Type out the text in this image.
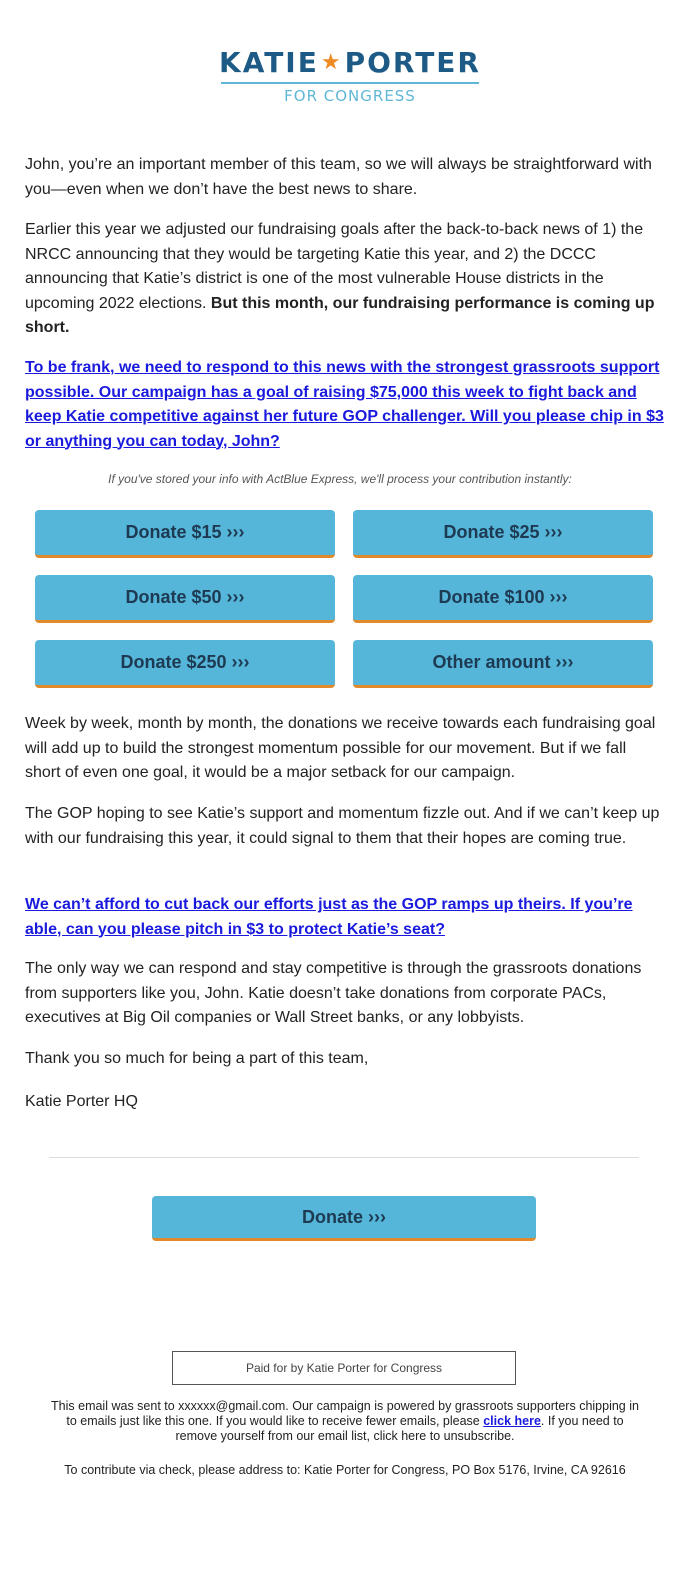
KATIE★PORTER
FOR CONGRESS

John, you’re an important member of this team, so we will always be straightforward with you—even when we don’t have the best news to share.

Earlier this year we adjusted our fundraising goals after the back-to-back news of 1) the NRCC announcing that they would be targeting Katie this year, and 2) the DCCC announcing that Katie’s district is one of the most vulnerable House districts in the upcoming 2022 elections. But this month, our fundraising performance is coming up short.

To be frank, we need to respond to this news with the strongest grassroots support possible. Our campaign has a goal of raising $75,000 this week to fight back and keep Katie competitive against her future GOP challenger. Will you please chip in $3 or anything you can today, John?

If you've stored your info with ActBlue Express, we'll process your contribution instantly:
Donate $15 ›››	Donate $25 ›››
Donate $50 ›››	Donate $100 ›››
Donate $250 ›››	Other amount ›››

Week by week, month by month, the donations we receive towards each fundraising goal will add up to build the strongest momentum possible for our movement. But if we fall short of even one goal, it would be a major setback for our campaign.

The GOP hoping to see Katie’s support and momentum fizzle out. And if we can’t keep up with our fundraising this year, it could signal to them that their hopes are coming true.

We can’t afford to cut back our efforts just as the GOP ramps up theirs. If you’re able, can you please pitch in $3 to protect Katie’s seat?

The only way we can respond and stay competitive is through the grassroots donations from supporters like you, John. Katie doesn’t take donations from corporate PACs, executives at Big Oil companies or Wall Street banks, or any lobbyists.

Thank you so much for being a part of this team,

Katie Porter HQ

Donate ›››
Paid for by Katie Porter for Congress
This email was sent to xxxxxx@gmail.com. Our campaign is powered by grassroots supporters chipping in to emails just like this one. If you would like to receive fewer emails, please click here. If you need to remove yourself from our email list, click here to unsubscribe.
To contribute via check, please address to: Katie Porter for Congress, PO Box 5176, Irvine, CA 92616
